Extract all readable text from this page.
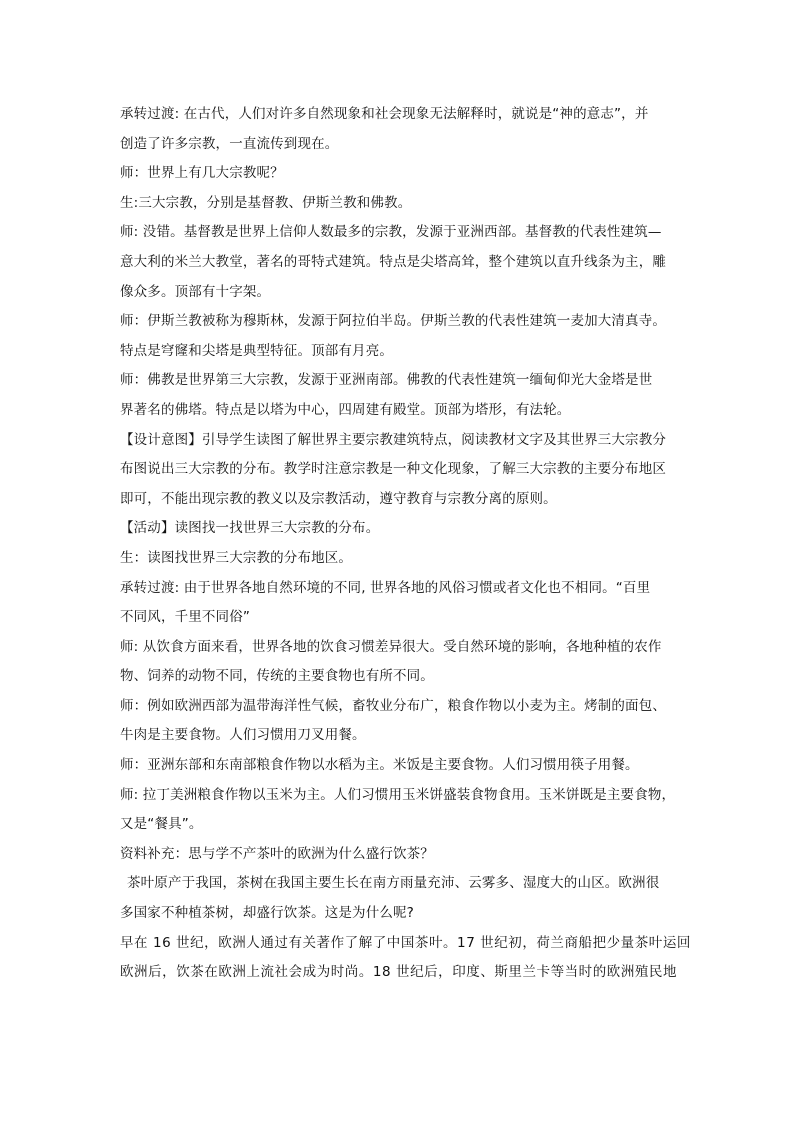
承转过渡: 在古代，人们对许多自然现象和社会现象无法解释时，就说是“神的意志”，并
创造了许多宗教，一直流传到现在。
师：世界上有几大宗教呢？
生:三大宗教，分别是基督教、伊斯兰教和佛教。
师: 没错。基督教是世界上信仰人数最多的宗教，发源于亚洲西部。基督教的代表性建筑—
意大利的米兰大教堂，著名的哥特式建筑。特点是尖塔高耸，整个建筑以直升线条为主，雕
像众多。顶部有十字架。
师：伊斯兰教被称为穆斯林，发源于阿拉伯半岛。伊斯兰教的代表性建筑一麦加大清真寺。
特点是穹窿和尖塔是典型特征。顶部有月亮。
师：佛教是世界第三大宗教，发源于亚洲南部。佛教的代表性建筑一缅甸仰光大金塔是世
界著名的佛塔。特点是以塔为中心，四周建有殿堂。顶部为塔形，有法轮。
【设计意图】引导学生读图了解世界主要宗教建筑特点，阅读教材文字及其世界三大宗教分
布图说出三大宗教的分布。教学时注意宗教是一种文化现象，了解三大宗教的主要分布地区
即可，不能出现宗教的教义以及宗教活动，遵守教育与宗教分离的原则。
【活动】读图找一找世界三大宗教的分布。
生：读图找世界三大宗教的分布地区。
承转过渡: 由于世界各地自然环境的不同, 世界各地的风俗习惯或者文化也不相同。“百里
不同风，千里不同俗”
师: 从饮食方面来看，世界各地的饮食习惯差异很大。受自然环境的影响，各地种植的农作
物、饲养的动物不同，传统的主要食物也有所不同。
师：例如欧洲西部为温带海洋性气候，畜牧业分布广，粮食作物以小麦为主。烤制的面包、
牛肉是主要食物。人们习惯用刀叉用餐。
师：亚洲东部和东南部粮食作物以水稻为主。米饭是主要食物。人们习惯用筷子用餐。
师: 拉丁美洲粮食作物以玉米为主。人们习惯用玉米饼盛装食物食用。玉米饼既是主要食物，
又是“餐具”。
资料补充：思与学不产茶叶的欧洲为什么盛行饮茶？
茶叶原产于我国，茶树在我国主要生长在南方雨量充沛、云雾多、湿度大的山区。欧洲很
多国家不种植茶树，却盛行饮茶。这是为什么呢?
早在 16 世纪，欧洲人通过有关著作了解了中国茶叶。17 世纪初，荷兰商船把少量茶叶运回
欧洲后，饮茶在欧洲上流社会成为时尚。18 世纪后，印度、斯里兰卡等当时的欧洲殖民地
